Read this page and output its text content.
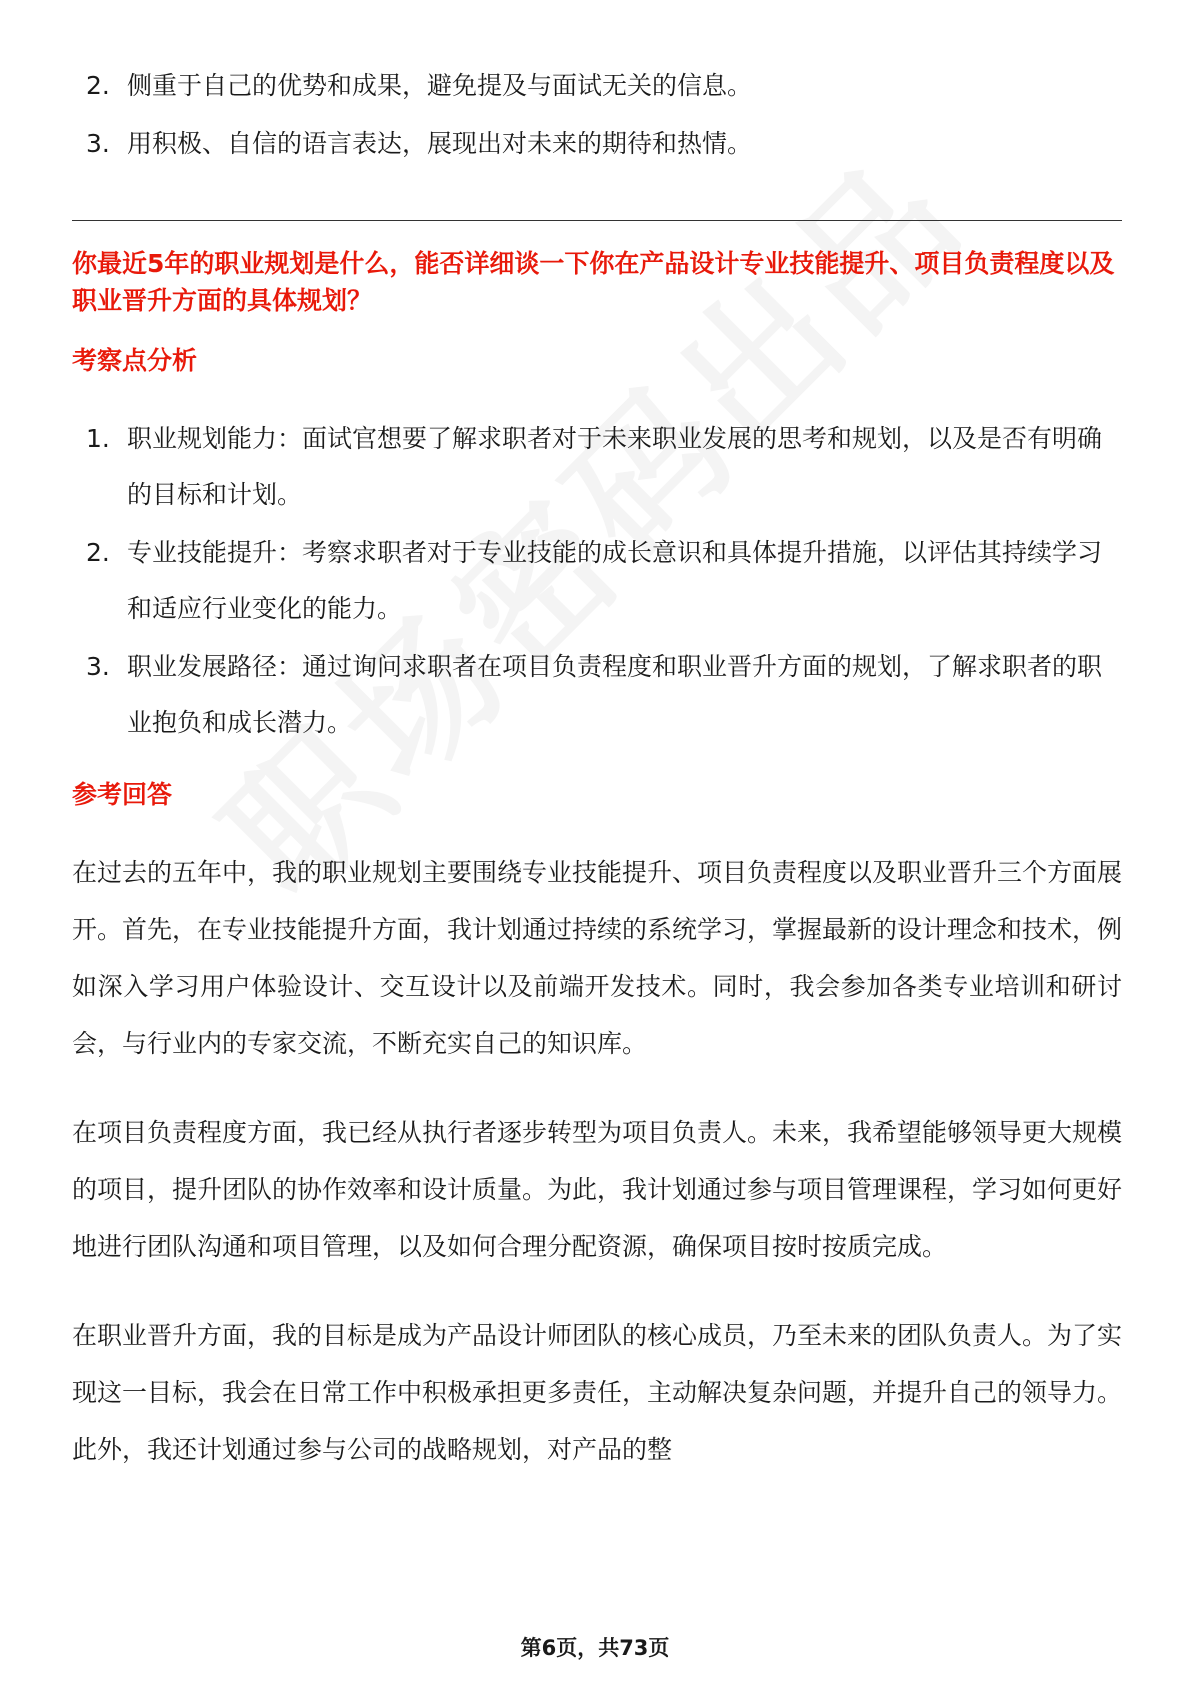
2. 侧重于自己的优势和成果，避免提及与面试无关的信息。
3. 用积极、自信的语言表达，展现出对未来的期待和热情。
你最近5年的职业规划是什么，能否详细谈一下你在产品设计专业技能提升、项目负责程度以及职业晋升方面的具体规划？
考察点分析
1. 职业规划能力：面试官想要了解求职者对于未来职业发展的思考和规划，以及是否有明确的目标和计划。
2. 专业技能提升：考察求职者对于专业技能的成长意识和具体提升措施，以评估其持续学习和适应行业变化的能力。
3. 职业发展路径：通过询问求职者在项目负责程度和职业晋升方面的规划，了解求职者的职业抱负和成长潜力。
参考回答
在过去的五年中，我的职业规划主要围绕专业技能提升、项目负责程度以及职业晋升三个方面展开。首先，在专业技能提升方面，我计划通过持续的系统学习，掌握最新的设计理念和技术，例如深入学习用户体验设计、交互设计以及前端开发技术。同时，我会参加各类专业培训和研讨会，与行业内的专家交流，不断充实自己的知识库。
在项目负责程度方面，我已经从执行者逐步转型为项目负责人。未来，我希望能够领导更大规模的项目，提升团队的协作效率和设计质量。为此，我计划通过参与项目管理课程，学习如何更好地进行团队沟通和项目管理，以及如何合理分配资源，确保项目按时按质完成。
在职业晋升方面，我的目标是成为产品设计师团队的核心成员，乃至未来的团队负责人。为了实现这一目标，我会在日常工作中积极承担更多责任，主动解决复杂问题，并提升自己的领导力。此外，我还计划通过参与公司的战略规划，对产品的整
第6页，共73页
